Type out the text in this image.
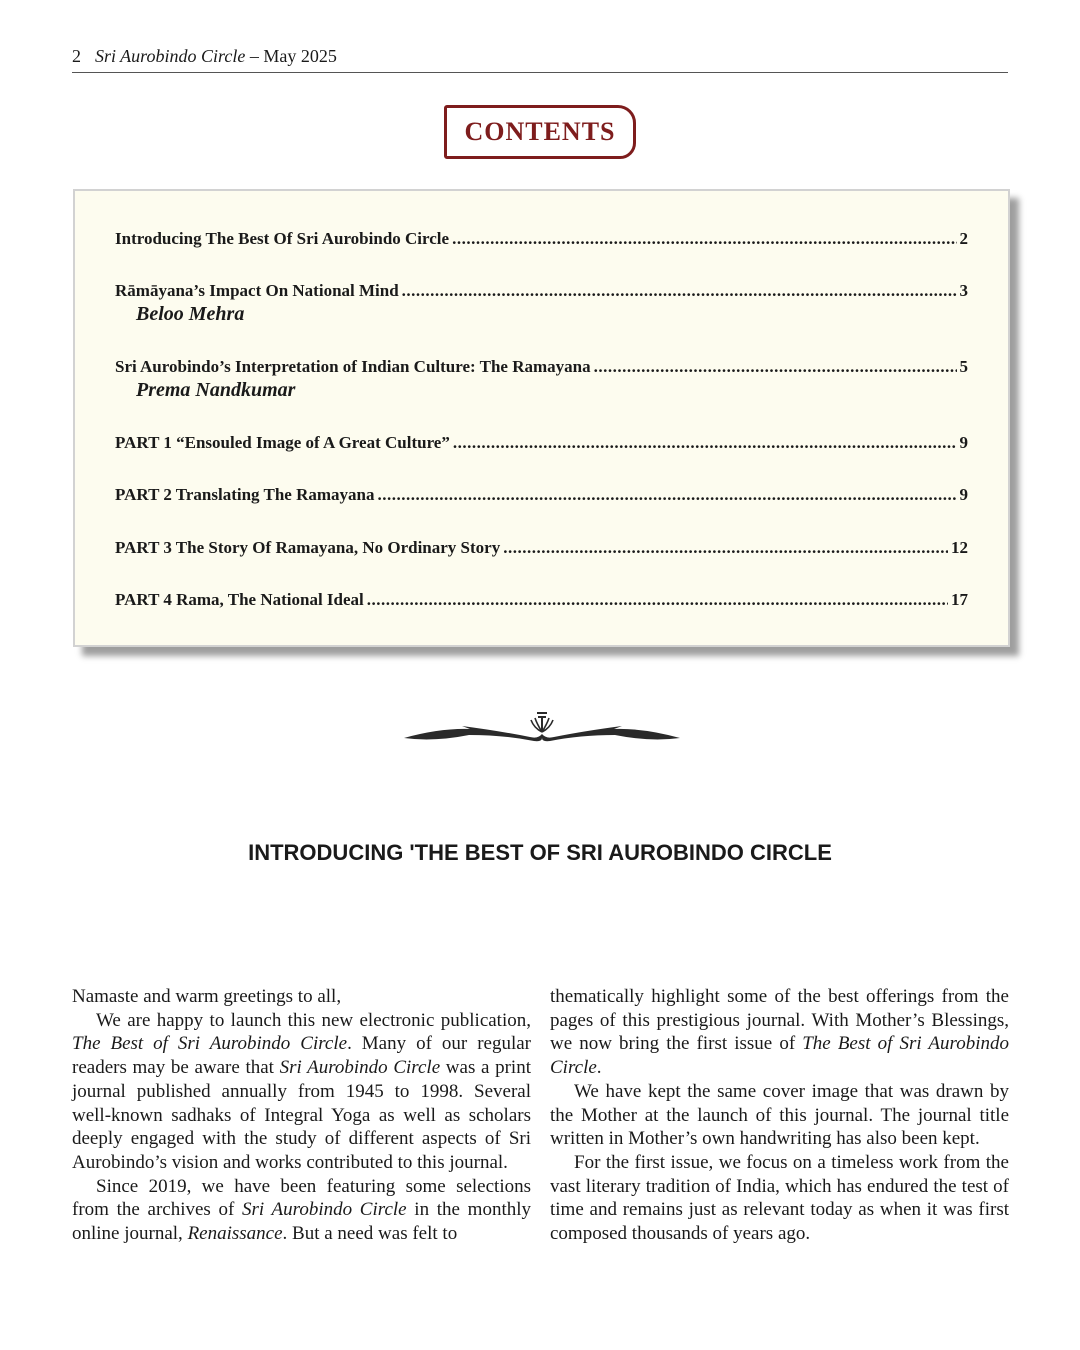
2 Sri Aurobindo Circle – May 2025
CONTENTS
Introducing The Best Of Sri Aurobindo Circle .....	2
Rāmāyana’s Impact On National Mind .....	3
Beloo Mehra
Sri Aurobindo’s Interpretation of Indian Culture: The Ramayana .....	5
Prema Nandkumar
PART 1 “Ensouled Image of A Great Culture” .....	9
PART 2 Translating The Ramayana .....	9
PART 3 The Story Of Ramayana, No Ordinary Story .....	12
PART 4 Rama, The National Ideal .....	17
INTRODUCING 'THE BEST OF SRI AUROBINDO CIRCLE

Namaste and warm greetings to all,

We are happy to launch this new electronic publication, The Best of Sri Aurobindo Circle. Many of our regular readers may be aware that Sri Aurobindo Circle was a print journal published annually from 1945 to 1998. Several well-known sadhaks of Integral Yoga as well as scholars deeply engaged with the study of different aspects of Sri Aurobindo’s vision and works contributed to this journal.

Since 2019, we have been featuring some selections from the archives of Sri Aurobindo Circle in the monthly online journal, Renaissance. But a need was felt to

thematically highlight some of the best offerings from the pages of this prestigious journal. With Mother’s Blessings, we now bring the first issue of The Best of Sri Aurobindo Circle.

We have kept the same cover image that was drawn by the Mother at the launch of this journal. The journal title written in Mother’s own handwriting has also been kept.

For the first issue, we focus on a timeless work from the vast literary tradition of India, which has endured the test of time and remains just as relevant today as when it was first composed thousands of years ago.
